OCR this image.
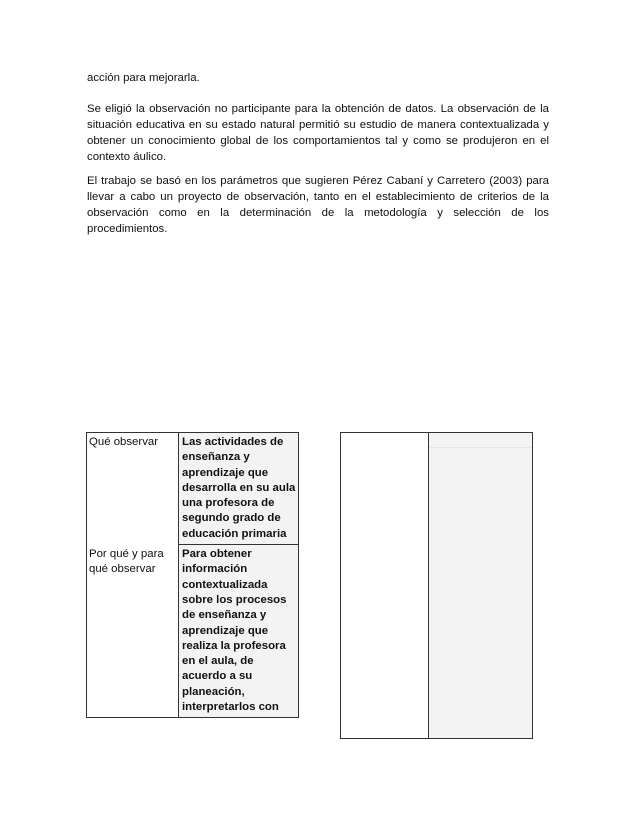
acción para mejorarla.

Se eligió la observación no participante para la obtención de datos. La observación de la situación educativa en su estado natural permitió su estudio de manera contextualizada y obtener un conocimiento global de los comportamientos tal y como se produjeron en el contexto áulico.

El trabajo se basó en los parámetros que sugieren Pérez Cabaní y Carretero (2003) para llevar a cabo un proyecto de observación, tanto en el establecimiento de criterios de la observación como en la determinación de la metodología y selección de los procedimientos.

Qué observar	Las actividades de enseñanza y aprendizaje que desarrolla en su aula una profesora de segundo grado de educación primaria
Por qué y para qué observar	Para obtener información contextualizada sobre los procesos de enseñanza y aprendizaje que realiza la profesora en el aula, de acuerdo a su planeación, interpretarlos con
